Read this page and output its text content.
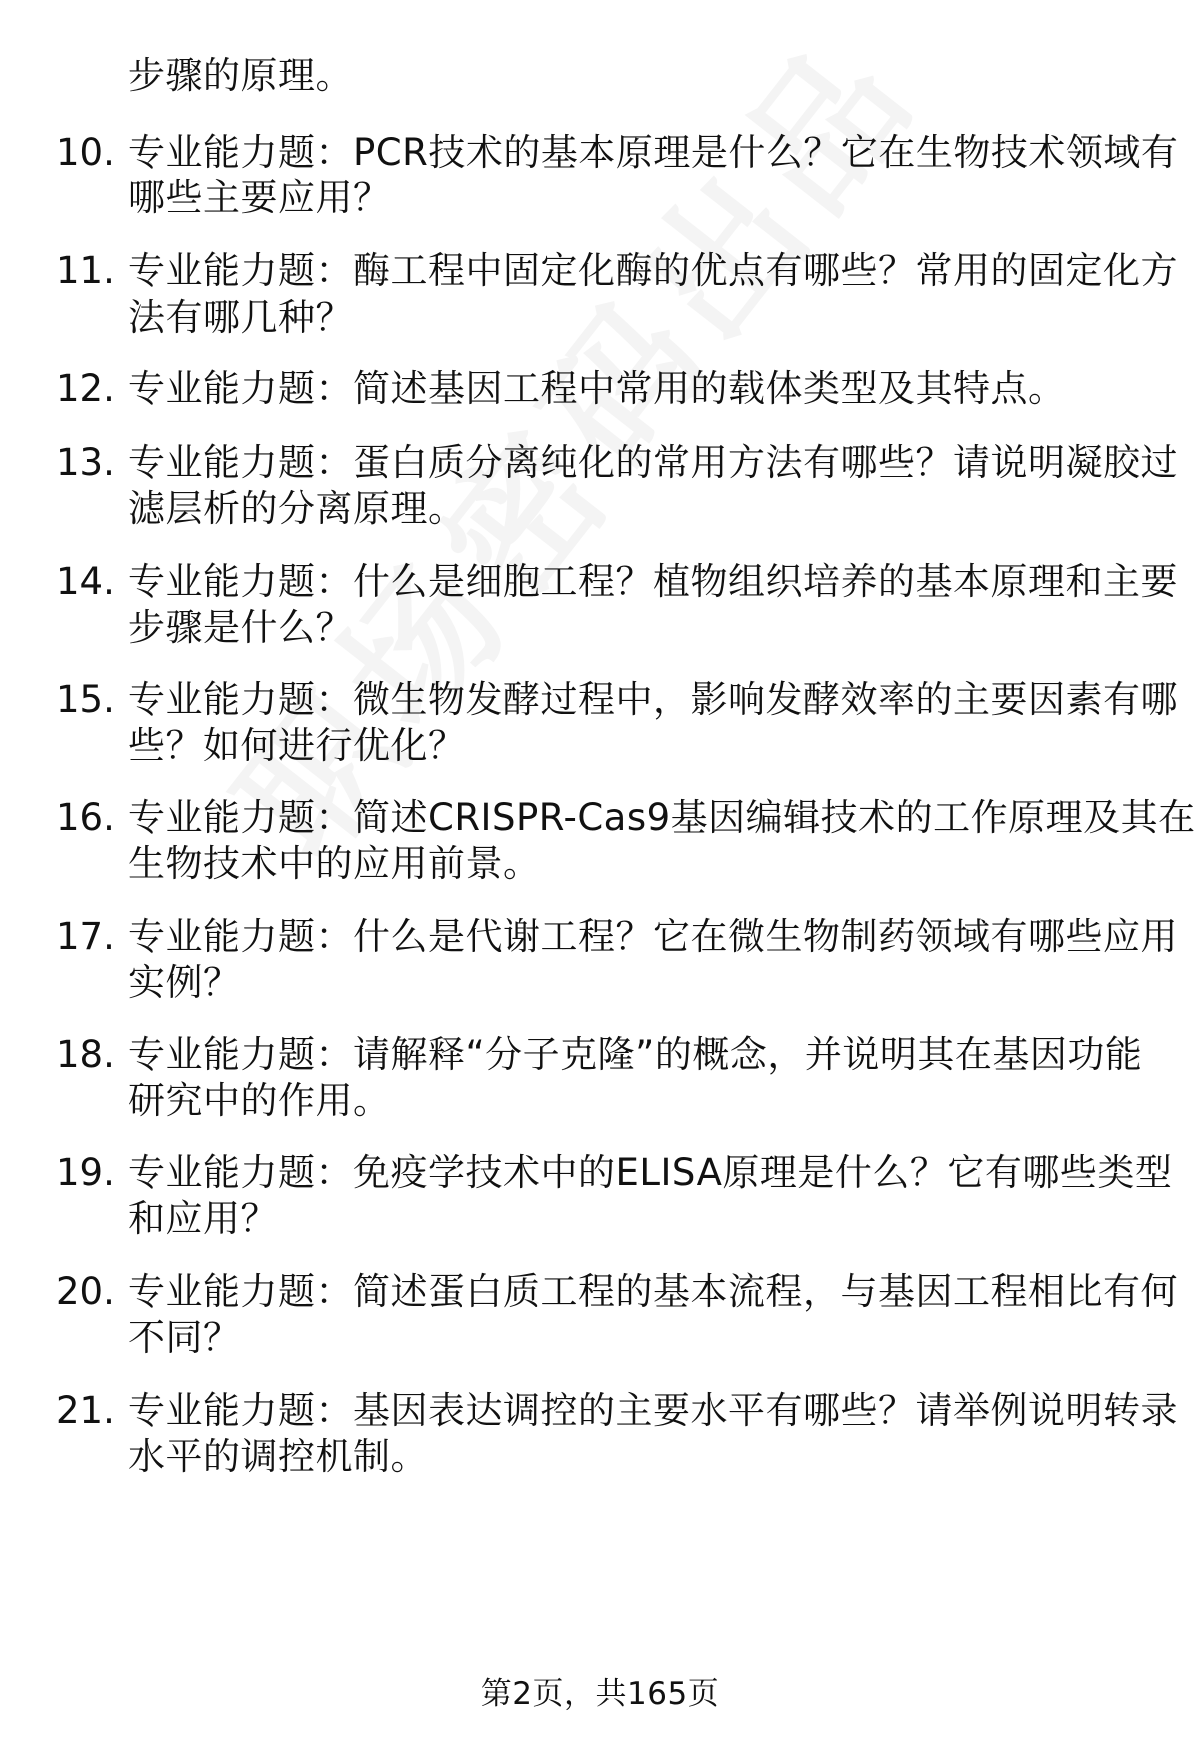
步骤的原理。
10. 专业能力题：PCR技术的基本原理是什么？它在生物技术领域有
哪些主要应用？
11. 专业能力题：酶工程中固定化酶的优点有哪些？常用的固定化方
法有哪几种？
12. 专业能力题：简述基因工程中常用的载体类型及其特点。
13. 专业能力题：蛋白质分离纯化的常用方法有哪些？请说明凝胶过
滤层析的分离原理。
14. 专业能力题：什么是细胞工程？植物组织培养的基本原理和主要
步骤是什么？
15. 专业能力题：微生物发酵过程中，影响发酵效率的主要因素有哪
些？如何进行优化？
16. 专业能力题：简述CRISPR-Cas9基因编辑技术的工作原理及其在
生物技术中的应用前景。
17. 专业能力题：什么是代谢工程？它在微生物制药领域有哪些应用
实例？
18. 专业能力题：请解释“分子克隆”的概念，并说明其在基因功能
研究中的作用。
19. 专业能力题：免疫学技术中的ELISA原理是什么？它有哪些类型
和应用？
20. 专业能力题：简述蛋白质工程的基本流程，与基因工程相比有何
不同？
21. 专业能力题：基因表达调控的主要水平有哪些？请举例说明转录
水平的调控机制。
第2页，共165页
